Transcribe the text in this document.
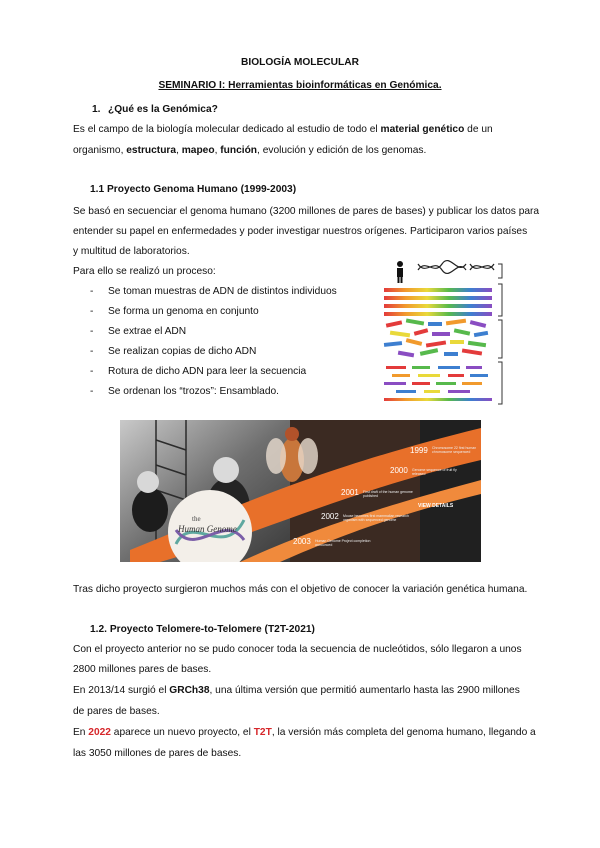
BIOLOGÍA MOLECULAR
SEMINARIO I: Herramientas bioinformáticas en Genómica.
1. ¿Qué es la Genómica?
Es el campo de la biología molecular dedicado al estudio de todo el material genético de un
organismo, estructura, mapeo, función, evolución y edición de los genomas.
1.1 Proyecto Genoma Humano (1999-2003)
Se basó en secuenciar el genoma humano (3200 millones de pares de bases) y publicar los datos para
entender su papel en enfermedades y poder investigar nuestros orígenes. Participaron varios países
y multitud de laboratorios.
Para ello se realizó un proceso:
- Se toman muestras de ADN de distintos individuos
- Se forma un genoma en conjunto
- Se extrae el ADN
- Se realizan copias de dicho ADN
- Rotura de dicho ADN para leer la secuencia
- Se ordenan los “trozos”: Ensamblado.
the
Human Genome
1999 Chromosome 22 first human chromosome sequenced
2000 Genome sequence of fruit fly released
2001 First draft of the human genome published
2002 Mouse becomes first mammalian research organism with sequenced genome
2003 Human Genome Project completion announced
VIEW DETAILS
Tras dicho proyecto surgieron muchos más con el objetivo de conocer la variación genética humana.
1.2. Proyecto Telomere-to-Telomere (T2T-2021)
Con el proyecto anterior no se pudo conocer toda la secuencia de nucleótidos, sólo llegaron a unos
2800 millones pares de bases.
En 2013/14 surgió el GRCh38, una última versión que permitió aumentarlo hasta las 2900 millones
de pares de bases.
En 2022 aparece un nuevo proyecto, el T2T, la versión más completa del genoma humano, llegando a
las 3050 millones de pares de bases.
